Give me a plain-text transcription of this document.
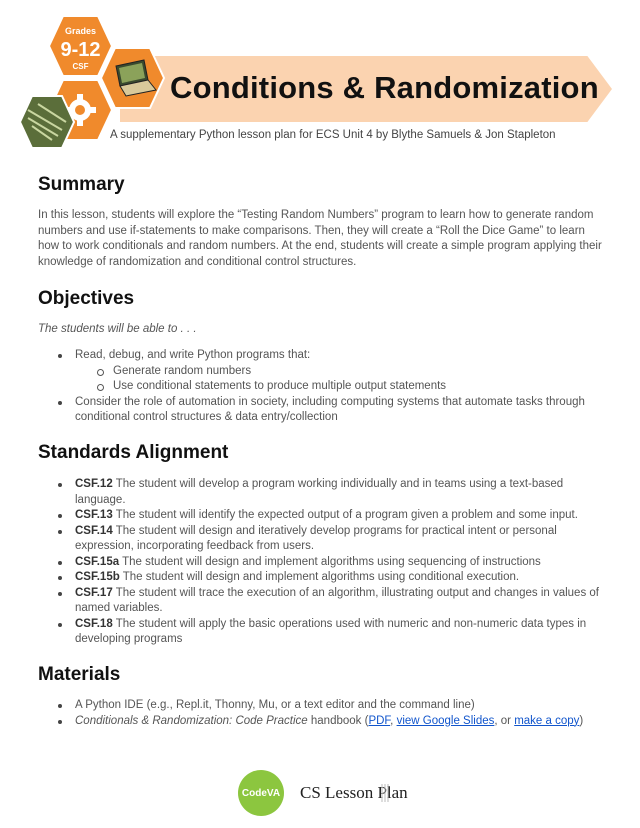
Grades
9-12
CSF
Conditions & Randomization
A supplementary Python lesson plan for ECS Unit 4 by Blythe Samuels & Jon Stapleton
Summary

In this lesson, students will explore the “Testing Random Numbers” program to learn how to generate random numbers and use if-statements to make comparisons. Then, they will create a “Roll the Dice Game” to learn how to work conditionals and random numbers. At the end, students will create a simple program applying their knowledge of randomization and conditional control structures.

Objectives

The students will be able to . . .

Read, debug, and write Python programs that:
Generate random numbers
Use conditional statements to produce multiple output statements
Consider the role of automation in society, including computing systems that automate tasks through conditional control structures & data entry/collection
Standards Alignment
CSF.12 The student will develop a program working individually and in teams using a text-based language.
CSF.13 The student will identify the expected output of a program given a problem and some input.
CSF.14 The student will design and iteratively develop programs for practical intent or personal expression, incorporating feedback from users.
CSF.15a The student will design and implement algorithms using sequencing of instructions
CSF.15b The student will design and implement algorithms using conditional execution.
CSF.17 The student will trace the execution of an algorithm, illustrating output and changes in values of named variables.
CSF.18 The student will apply the basic operations used with numeric and non-numeric data types in developing programs
Materials
A Python IDE (e.g., Repl.it, Thonny, Mu, or a text editor and the command line)
Conditionals & Randomization: Code Practice handbook (PDF, view Google Slides, or make a copy)
CodeVA CS Lesson Plan
